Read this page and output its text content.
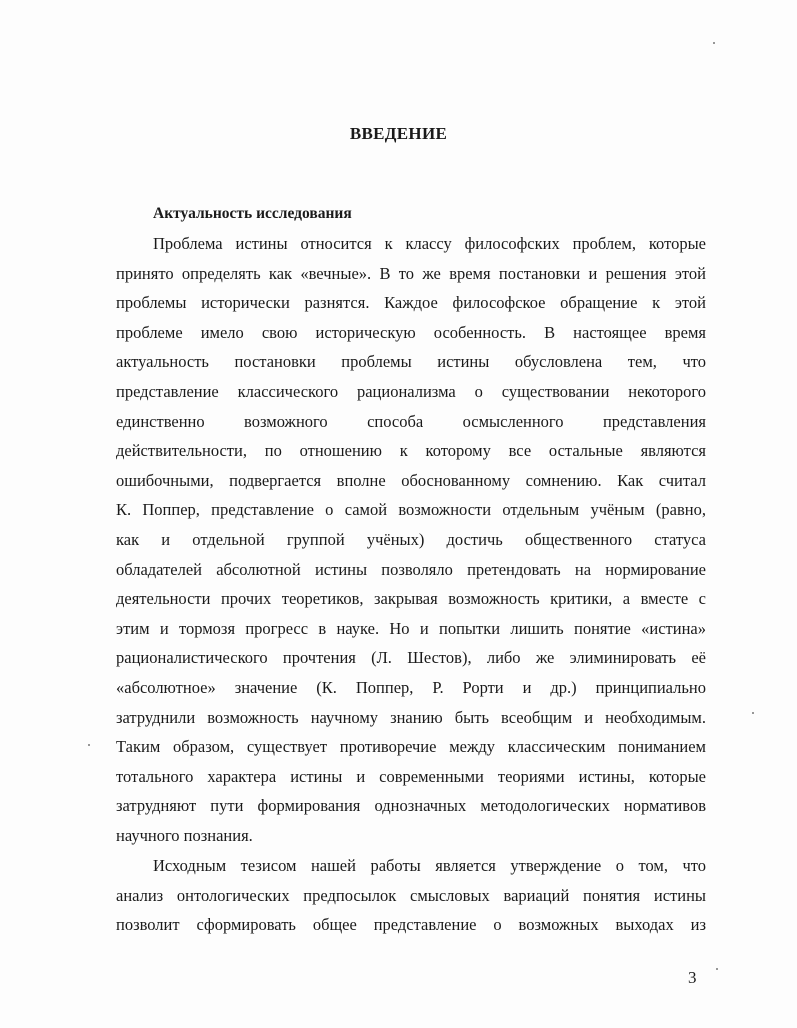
ВВЕДЕНИЕ
Актуальность исследования
Проблема истины относится к классу философских проблем, которые
принято определять как «вечные». В то же время постановки и решения этой
проблемы исторически разнятся. Каждое философское обращение к этой
проблеме имело свою историческую особенность. В настоящее время
актуальность постановки проблемы истины обусловлена тем, что
представление классического рационализма о существовании некоторого
единственно возможного способа осмысленного представления
действительности, по отношению к которому все остальные являются
ошибочными, подвергается вполне обоснованному сомнению. Как считал
К. Поппер, представление о самой возможности отдельным учёным (равно,
как и отдельной группой учёных) достичь общественного статуса
обладателей абсолютной истины позволяло претендовать на нормирование
деятельности прочих теоретиков, закрывая возможность критики, а вместе с
этим и тормозя прогресс в науке. Но и попытки лишить понятие «истина»
рационалистического прочтения (Л. Шестов), либо же элиминировать её
«абсолютное» значение (К. Поппер, Р. Рорти и др.) принципиально
затруднили возможность научному знанию быть всеобщим и необходимым.
Таким образом, существует противоречие между классическим пониманием
тотального характера истины и современными теориями истины, которые
затрудняют пути формирования однозначных методологических нормативов
научного познания.
Исходным тезисом нашей работы является утверждение о том, что
анализ онтологических предпосылок смысловых вариаций понятия истины
позволит сформировать общее представление о возможных выходах из
3
